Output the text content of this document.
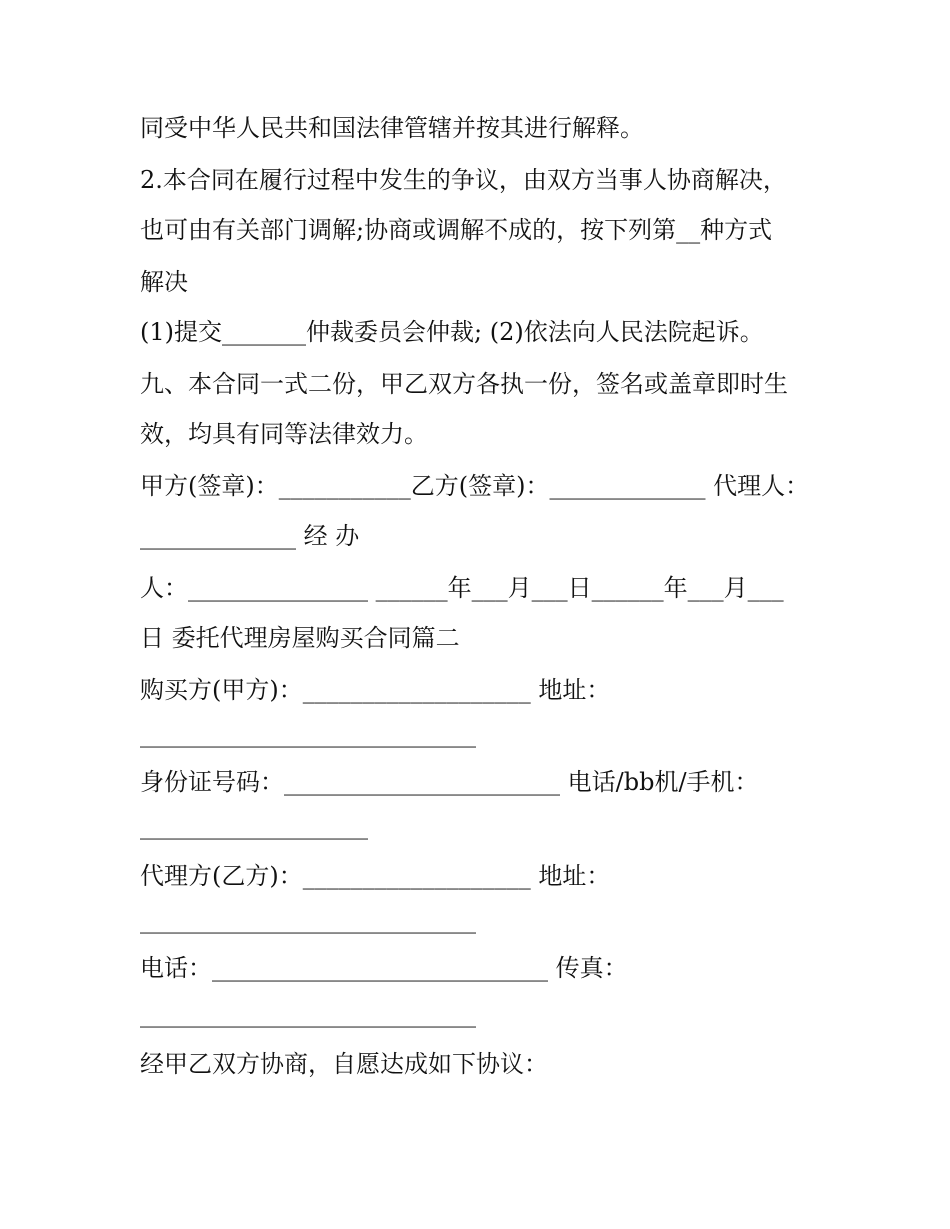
同受中华人民共和国法律管辖并按其进行解释。
2.本合同在履行过程中发生的争议，由双方当事人协商解决，
也可由有关部门调解;协商或调解不成的，按下列第__种方式
解决
(1)提交_______仲裁委员会仲裁; (2)依法向人民法院起诉。
九、本合同一式二份，甲乙双方各执一份，签名或盖章即时生
效，均具有同等法律效力。
甲方(签章)：___________乙方(签章)：_____________ 代理人：
_____________ 经 办
人：_______________ ______年___月___日______年___月___
日 委托代理房屋购买合同篇二
购买方(甲方)：___________________ 地址：
____________________________
身份证号码：_______________________ 电话/bb机/手机：
___________________
代理方(乙方)：___________________ 地址：
____________________________
电话：____________________________ 传真：
____________________________
经甲乙双方协商，自愿达成如下协议：
